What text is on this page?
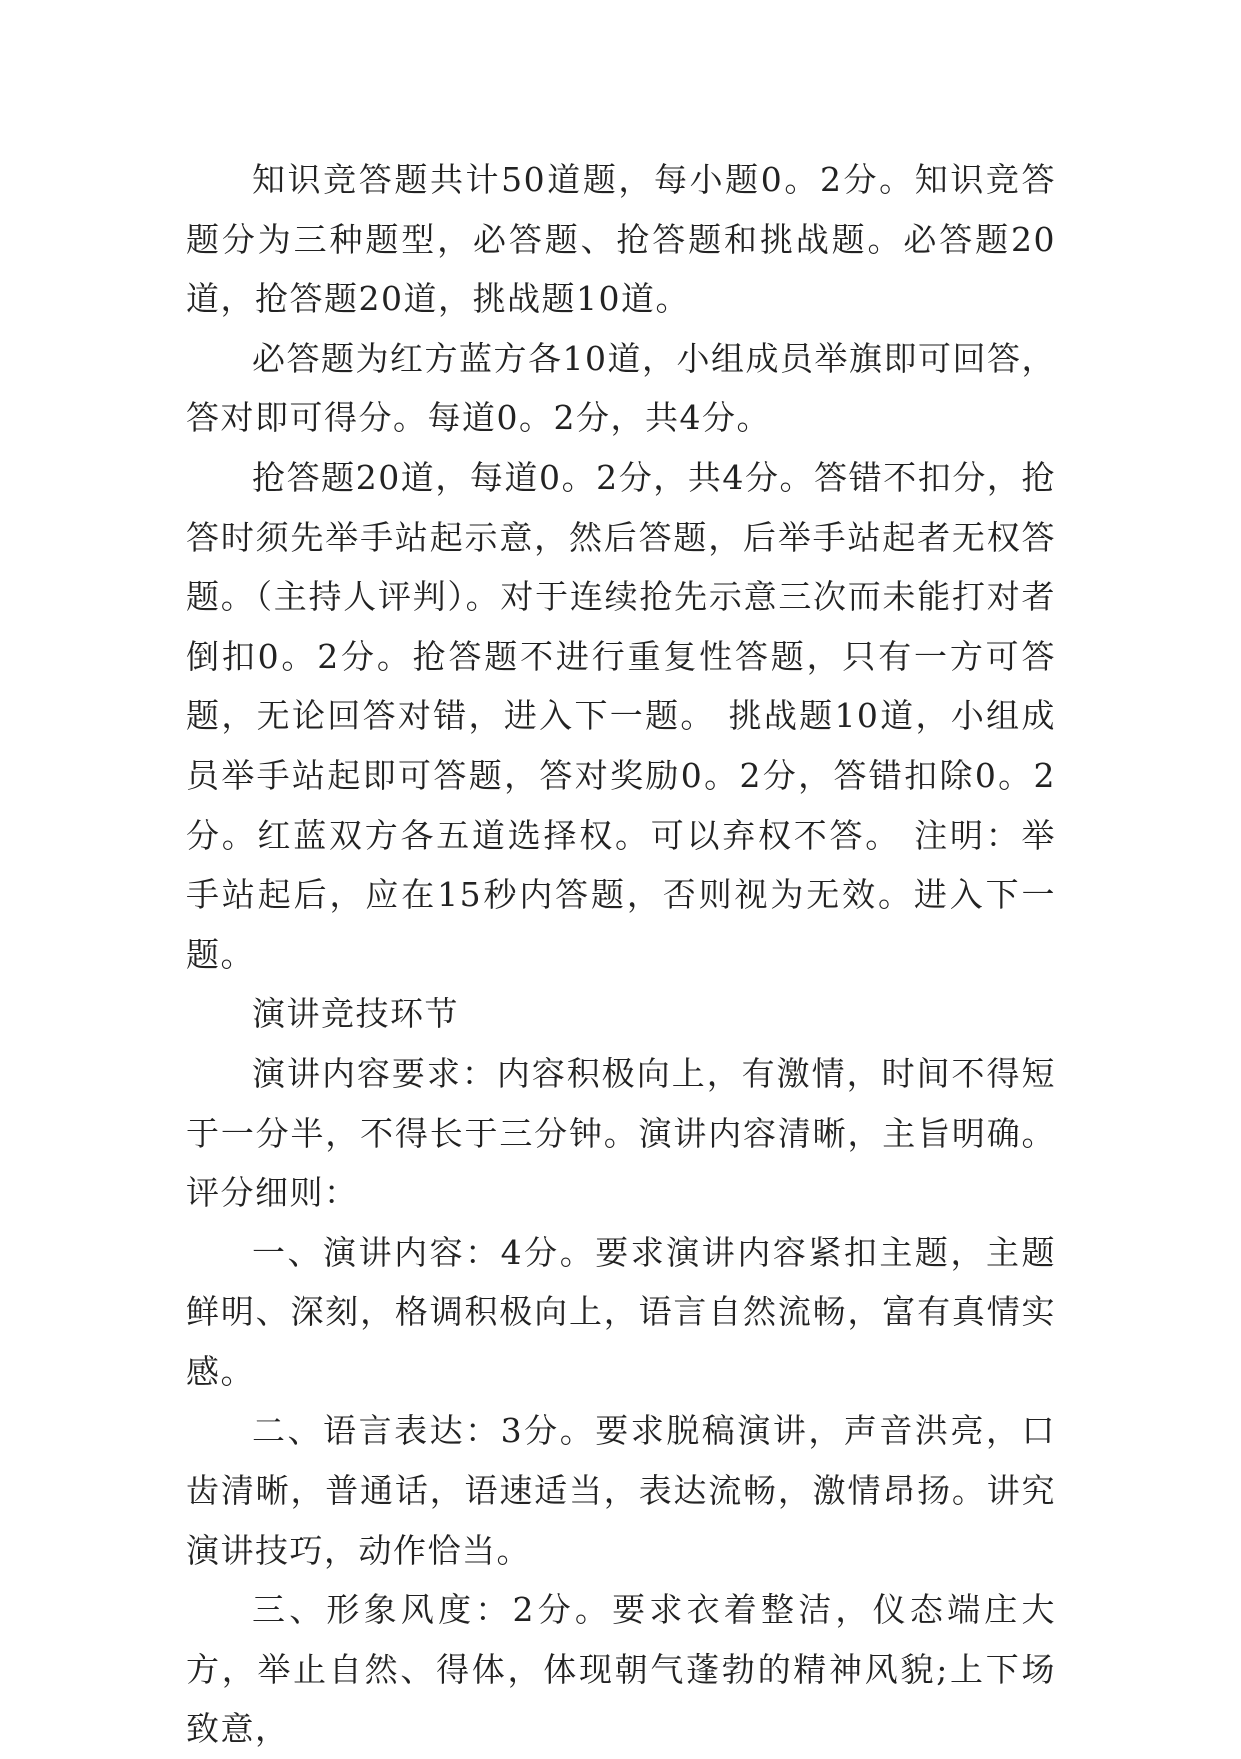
知识竞答题共计50道题，每小题0。2分。知识竞答题分为三种题型，必答题、抢答题和挑战题。必答题20道，抢答题20道，挑战题10道。

必答题为红方蓝方各10道，小组成员举旗即可回答，答对即可得分。每道0。2分，共4分。

抢答题20道，每道0。2分，共4分。答错不扣分，抢答时须先举手站起示意，然后答题，后举手站起者无权答题。（主持人评判）。对于连续抢先示意三次而未能打对者倒扣0。2分。抢答题不进行重复性答题，只有一方可答题，无论回答对错，进入下一题。 挑战题10道，小组成员举手站起即可答题，答对奖励0。2分，答错扣除0。2分。红蓝双方各五道选择权。可以弃权不答。 注明：举手站起后，应在15秒内答题，否则视为无效。进入下一题。

演讲竞技环节

演讲内容要求：内容积极向上，有激情，时间不得短于一分半，不得长于三分钟。演讲内容清晰，主旨明确。 评分细则：

一、演讲内容：4分。要求演讲内容紧扣主题，主题鲜明、深刻，格调积极向上，语言自然流畅，富有真情实感。

二、语言表达：3分。要求脱稿演讲，声音洪亮，口齿清晰，普通话，语速适当，表达流畅，激情昂扬。讲究演讲技巧，动作恰当。

三、形象风度：2分。要求衣着整洁，仪态端庄大方，举止自然、得体，体现朝气蓬勃的精神风貌;上下场致意，
